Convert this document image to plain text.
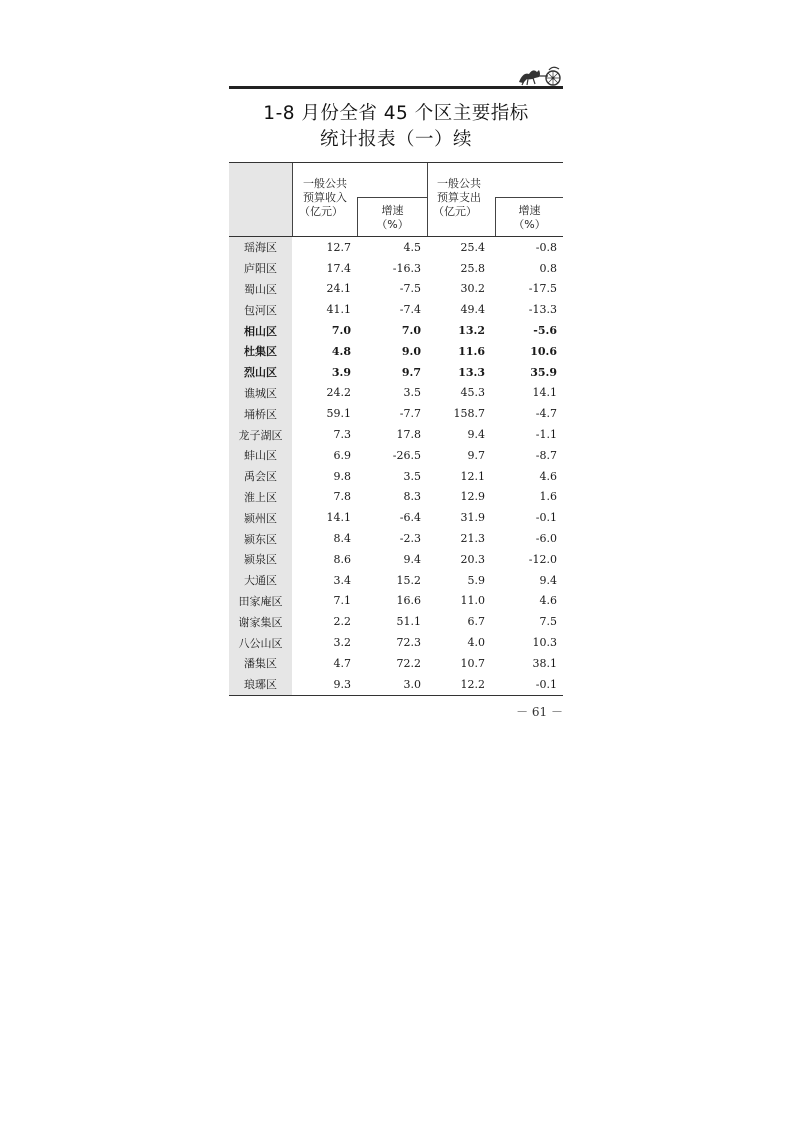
1-8 月份全省 45 个区主要指标
统计报表（一）续
一般公共
预算收入
（亿元）	增速
（%）
一般公共
预算支出
（亿元）	增速
（%）
瑶海区	12.7	4.5	25.4	-0.8
庐阳区	17.4	-16.3	25.8	0.8
蜀山区	24.1	-7.5	30.2	-17.5
包河区	41.1	-7.4	49.4	-13.3
相山区	7.0	7.0	13.2	-5.6
杜集区	4.8	9.0	11.6	10.6
烈山区	3.9	9.7	13.3	35.9
谯城区	24.2	3.5	45.3	14.1
埇桥区	59.1	-7.7	158.7	-4.7
龙子湖区	7.3	17.8	9.4	-1.1
蚌山区	6.9	-26.5	9.7	-8.7
禹会区	9.8	3.5	12.1	4.6
淮上区	7.8	8.3	12.9	1.6
颍州区	14.1	-6.4	31.9	-0.1
颍东区	8.4	-2.3	21.3	-6.0
颍泉区	8.6	9.4	20.3	-12.0
大通区	3.4	15.2	5.9	9.4
田家庵区	7.1	16.6	11.0	4.6
谢家集区	2.2	51.1	6.7	7.5
八公山区	3.2	72.3	4.0	10.3
潘集区	4.7	72.2	10.7	38.1
琅琊区	9.3	3.0	12.2	-0.1
－ 61 －
